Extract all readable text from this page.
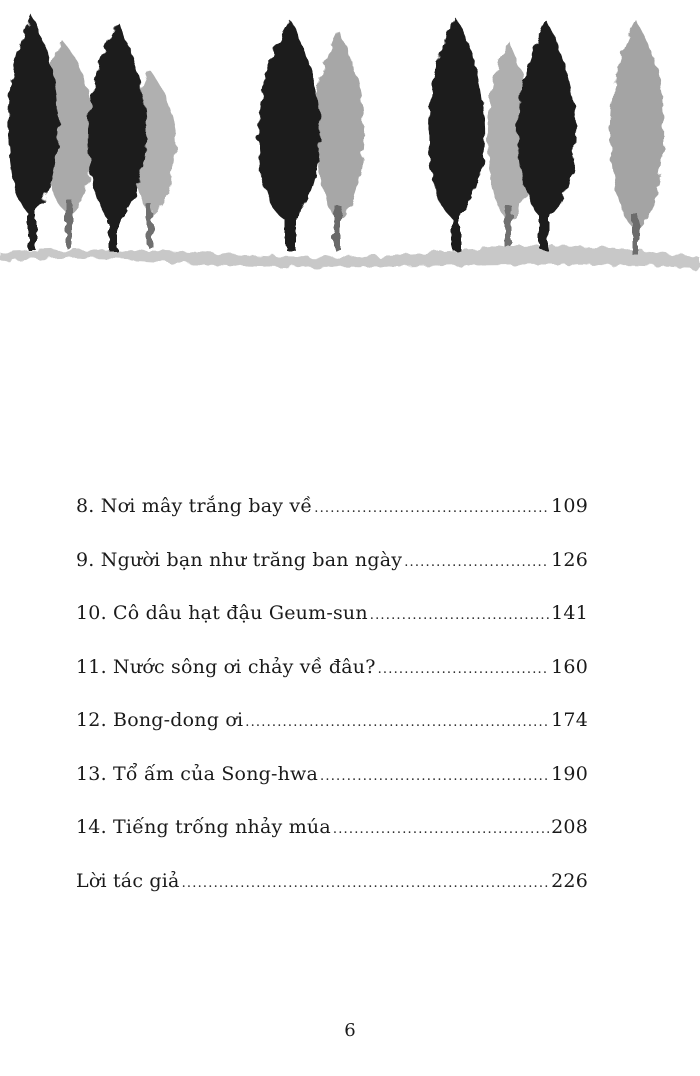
8. Nơi mây trắng bay về .....	109
9. Người bạn như trăng ban ngày .....	126
10. Cô dâu hạt đậu Geum-sun .....	141
11. Nước sông ơi chảy về đâu? .....	160
12. Bong-dong ơi .....	174
13. Tổ ấm của Song-hwa .....	190
14. Tiếng trống nhảy múa .....	208
Lời tác giả .....	226
6
